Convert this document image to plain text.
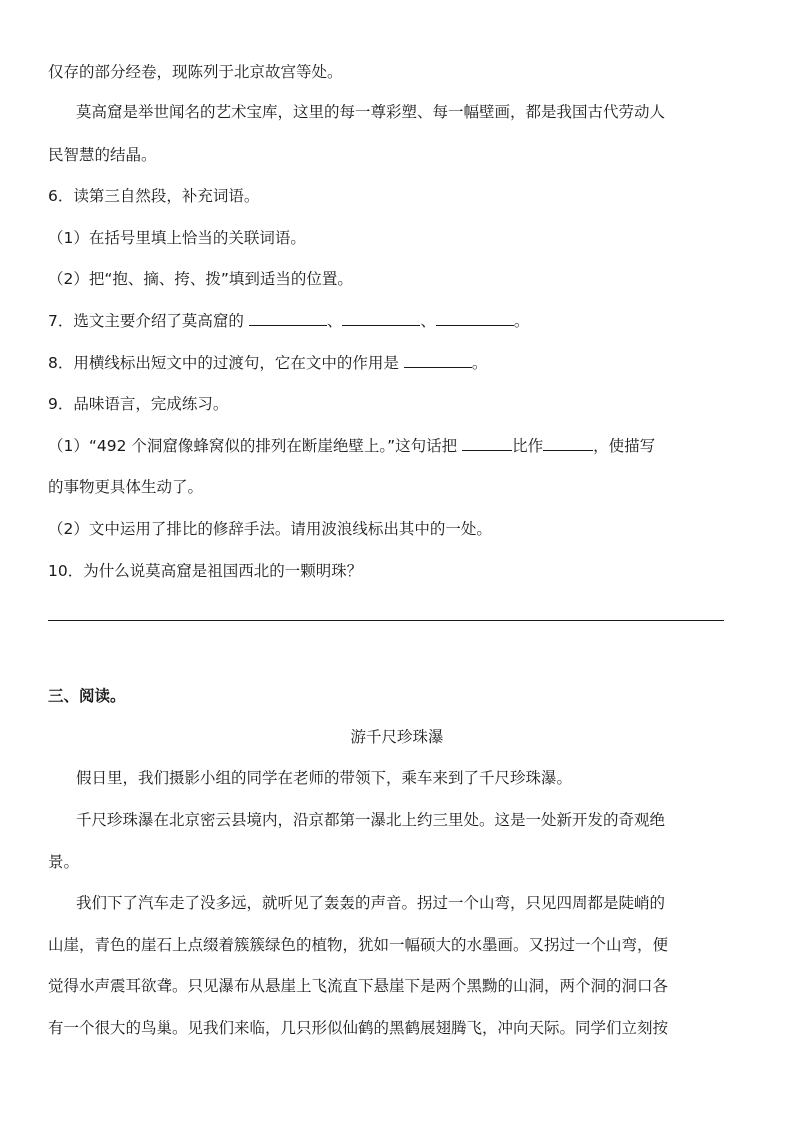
仅存的部分经卷，现陈列于北京故宫等处。
莫高窟是举世闻名的艺术宝库，这里的每一尊彩塑、每一幅壁画，都是我国古代劳动人
民智慧的结晶。
6．读第三自然段，补充词语。
（1）在括号里填上恰当的关联词语。
（2）把“抱、摘、挎、拨”填到适当的位置。
7．选文主要介绍了莫高窟的	、	、	。
8．用横线标出短文中的过渡句，它在文中的作用是	。
9．品味语言，完成练习。
（1）“492 个洞窟像蜂窝似的排列在断崖绝壁上。”这句话把	比作	，使描写
的事物更具体生动了。
（2）文中运用了排比的修辞手法。请用波浪线标出其中的一处。
10．为什么说莫高窟是祖国西北的一颗明珠？
三、阅读。
游千尺珍珠瀑
假日里，我们摄影小组的同学在老师的带领下，乘车来到了千尺珍珠瀑。
千尺珍珠瀑在北京密云县境内，沿京都第一瀑北上约三里处。这是一处新开发的奇观绝
景。
我们下了汽车走了没多远，就听见了轰轰的声音。拐过一个山弯，只见四周都是陡峭的
山崖，青色的崖石上点缀着簇簇绿色的植物，犹如一幅硕大的水墨画。又拐过一个山弯，便
觉得水声震耳欲聋。只见瀑布从悬崖上飞流直下悬崖下是两个黑黝的山洞，两个洞的洞口各
有一个很大的鸟巢。见我们来临，几只形似仙鹤的黑鹤展翅腾飞，冲向天际。同学们立刻按
